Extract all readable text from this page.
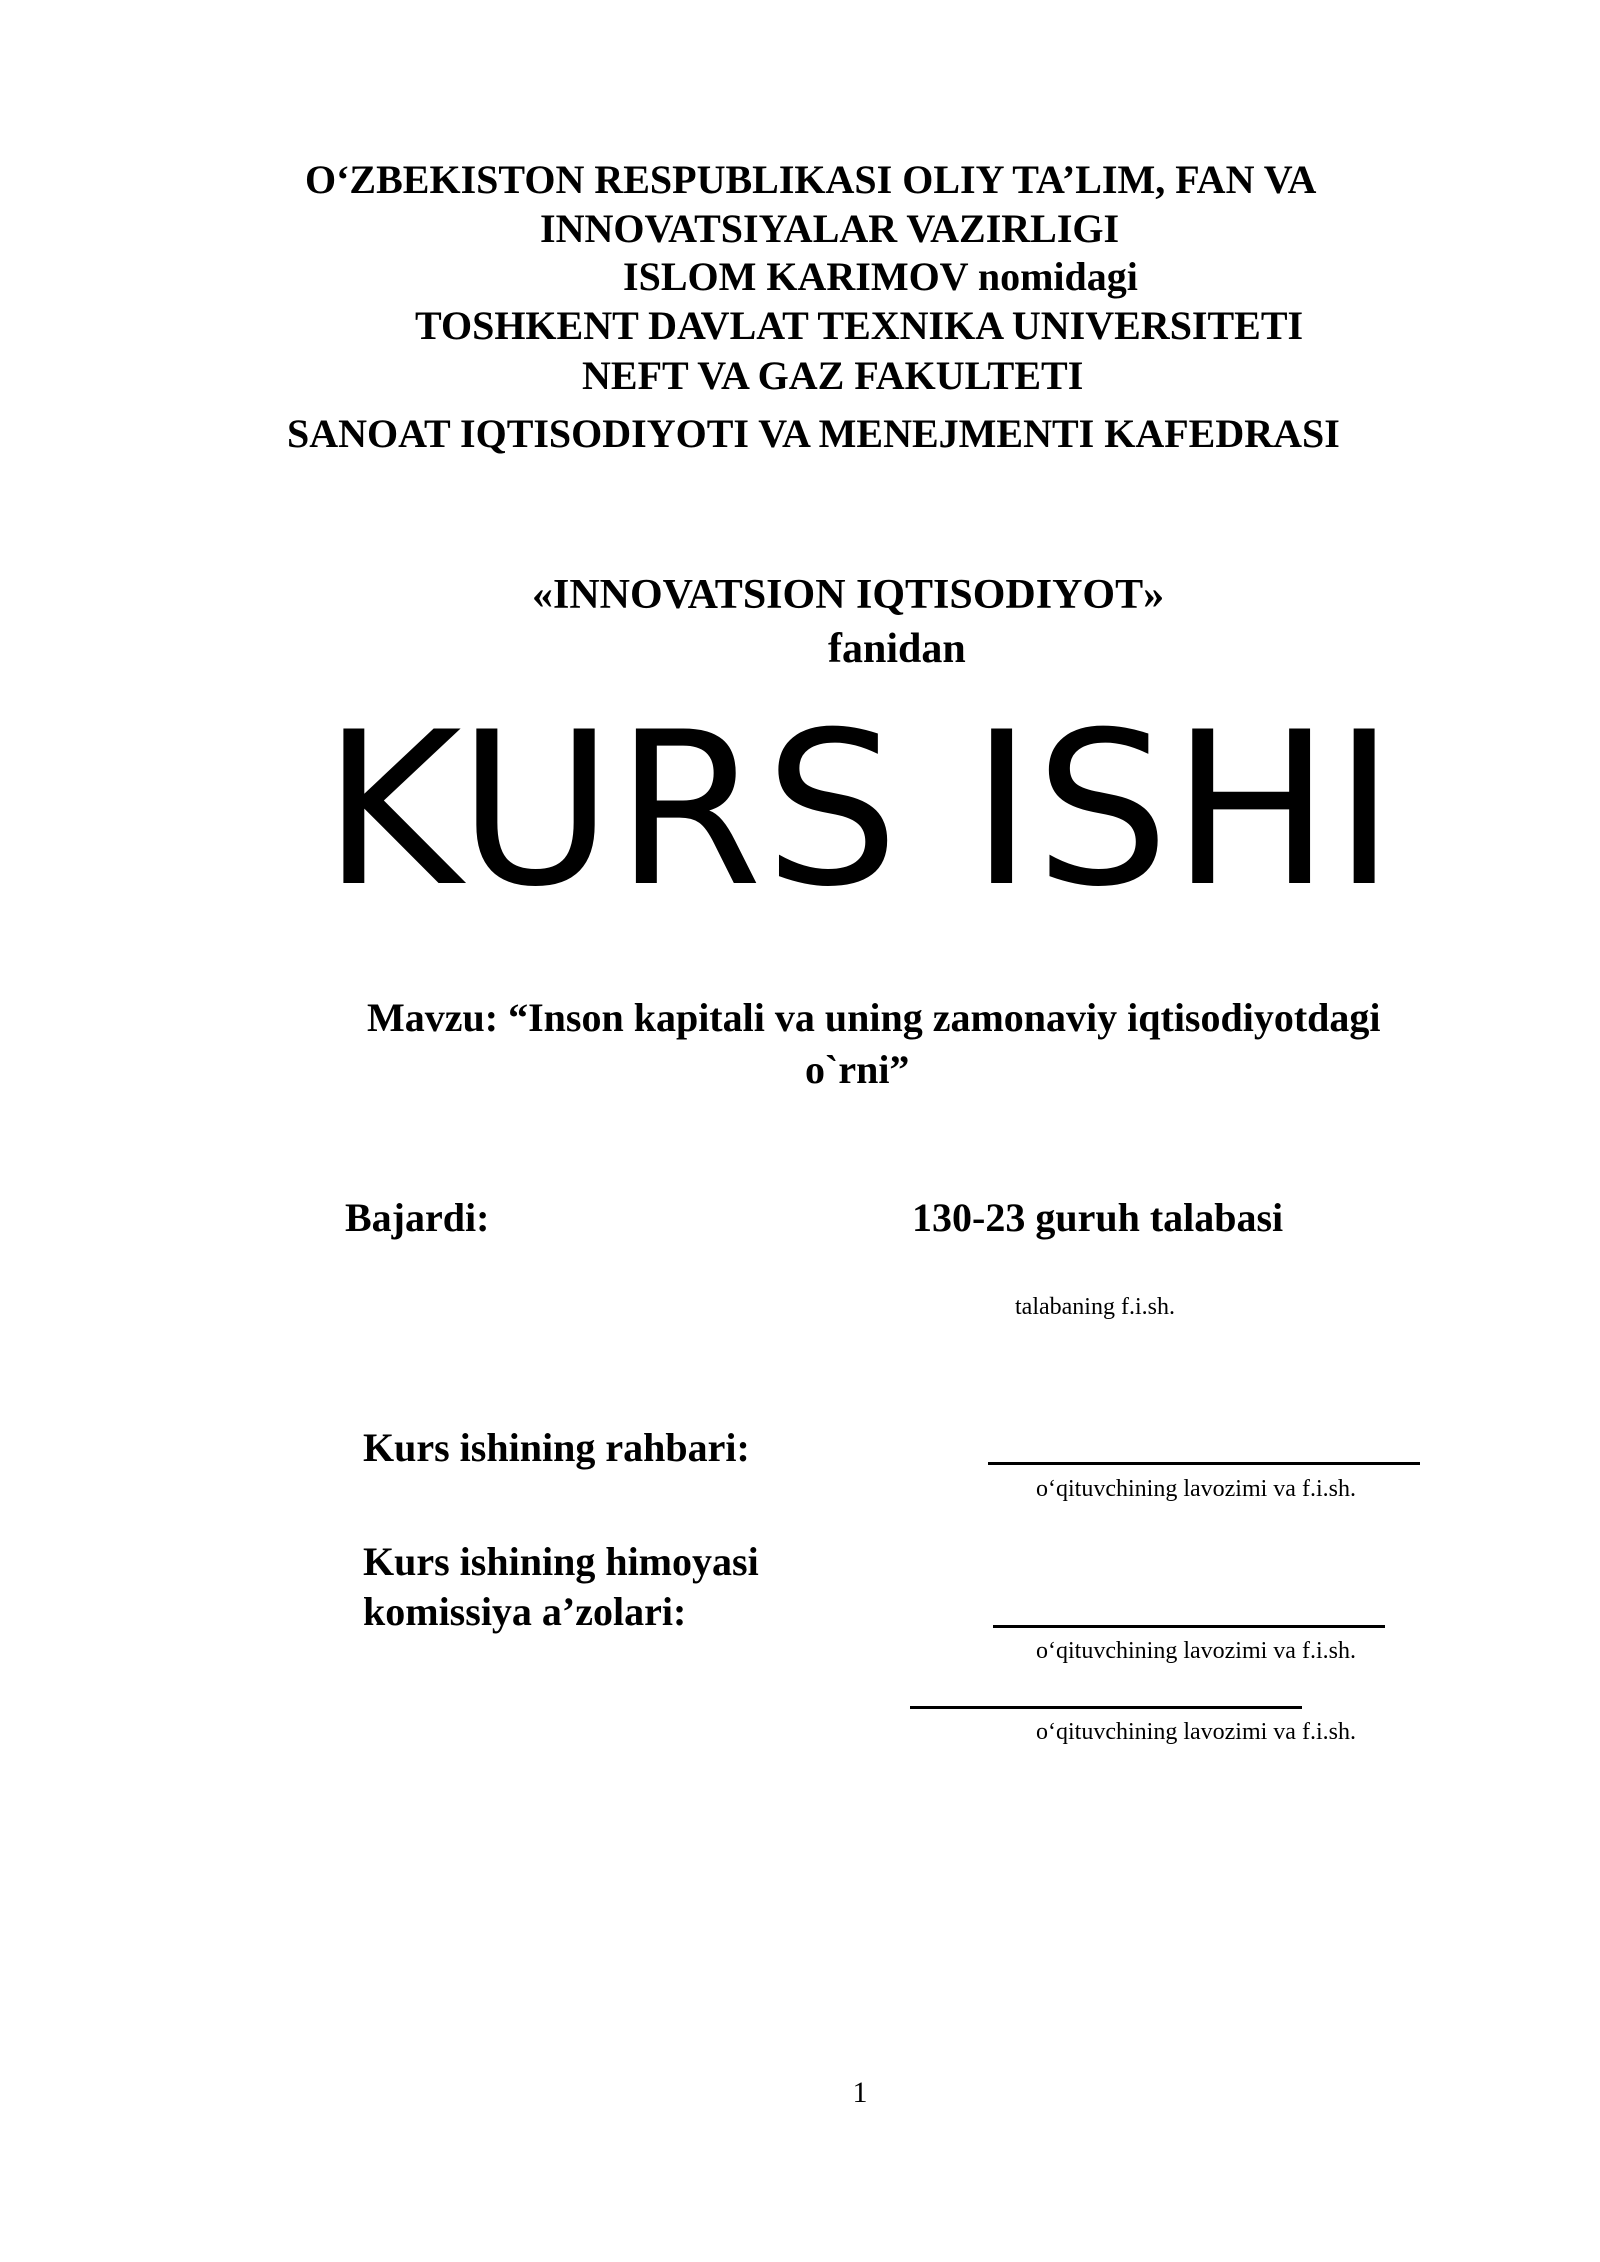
O‘ZBEKISTON RESPUBLIKASI OLIY TA’LIM, FAN VA
INNOVATSIYALAR VAZIRLIGI
ISLOM KARIMOV nomidagi
TOSHKENT DAVLAT TEXNIKA UNIVERSITETI
NEFT VA GAZ FAKULTETI
SANOAT IQTISODIYOTI VA MENEJMENTI KAFEDRASI
«INNOVATSION IQTISODIYOT»
fanidan
KURS ISHI
Mavzu: “Inson kapitali va uning zamonaviy iqtisodiyotdagi
o`rni”
Bajardi:	130-23 guruh talabasi
talabaning f.i.sh.
Kurs ishining rahbari:
o‘qituvchining lavozimi va f.i.sh.
Kurs ishining himoyasi
komissiya a’zolari:
o‘qituvchining lavozimi va f.i.sh.
o‘qituvchining lavozimi va f.i.sh.
1
